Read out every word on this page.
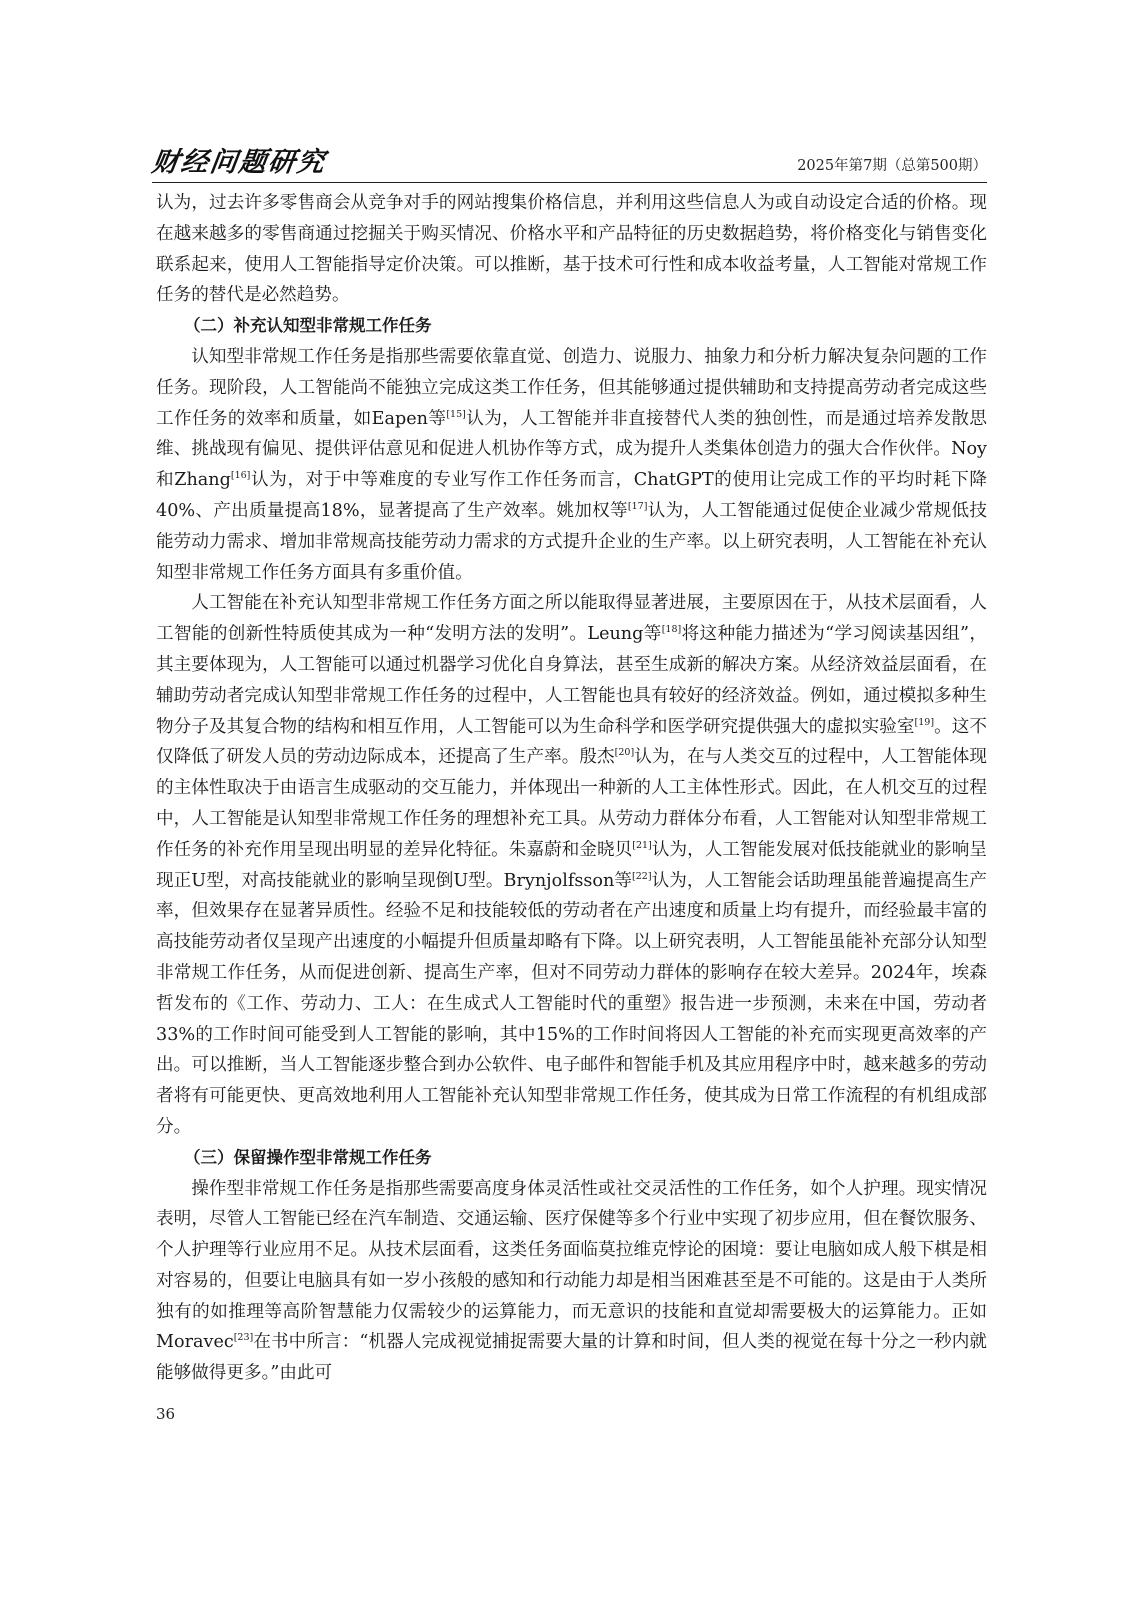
财经问题研究	2025年第7期（总第500期）

认为，过去许多零售商会从竞争对手的网站搜集价格信息，并利用这些信息人为或自动设定合适的价格。现在越来越多的零售商通过挖掘关于购买情况、价格水平和产品特征的历史数据趋势，将价格变化与销售变化联系起来，使用人工智能指导定价决策。可以推断，基于技术可行性和成本收益考量，人工智能对常规工作任务的替代是必然趋势。

（二）补充认知型非常规工作任务

认知型非常规工作任务是指那些需要依靠直觉、创造力、说服力、抽象力和分析力解决复杂问题的工作任务。现阶段，人工智能尚不能独立完成这类工作任务，但其能够通过提供辅助和支持提高劳动者完成这些工作任务的效率和质量，如Eapen等[15]认为，人工智能并非直接替代人类的独创性，而是通过培养发散思维、挑战现有偏见、提供评估意见和促进人机协作等方式，成为提升人类集体创造力的强大合作伙伴。Noy和Zhang[16]认为，对于中等难度的专业写作工作任务而言，ChatGPT的使用让完成工作的平均时耗下降40%、产出质量提高18%，显著提高了生产效率。姚加权等[17]认为，人工智能通过促使企业减少常规低技能劳动力需求、增加非常规高技能劳动力需求的方式提升企业的生产率。以上研究表明，人工智能在补充认知型非常规工作任务方面具有多重价值。

人工智能在补充认知型非常规工作任务方面之所以能取得显著进展，主要原因在于，从技术层面看，人工智能的创新性特质使其成为一种“发明方法的发明”。Leung等[18]将这种能力描述为“学习阅读基因组”，其主要体现为，人工智能可以通过机器学习优化自身算法，甚至生成新的解决方案。从经济效益层面看，在辅助劳动者完成认知型非常规工作任务的过程中，人工智能也具有较好的经济效益。例如，通过模拟多种生物分子及其复合物的结构和相互作用，人工智能可以为生命科学和医学研究提供强大的虚拟实验室[19]。这不仅降低了研发人员的劳动边际成本，还提高了生产率。殷杰[20]认为，在与人类交互的过程中，人工智能体现的主体性取决于由语言生成驱动的交互能力，并体现出一种新的人工主体性形式。因此，在人机交互的过程中，人工智能是认知型非常规工作任务的理想补充工具。从劳动力群体分布看，人工智能对认知型非常规工作任务的补充作用呈现出明显的差异化特征。朱嘉蔚和金晓贝[21]认为，人工智能发展对低技能就业的影响呈现正U型，对高技能就业的影响呈现倒U型。Brynjolfsson等[22]认为，人工智能会话助理虽能普遍提高生产率，但效果存在显著异质性。经验不足和技能较低的劳动者在产出速度和质量上均有提升，而经验最丰富的高技能劳动者仅呈现产出速度的小幅提升但质量却略有下降。以上研究表明，人工智能虽能补充部分认知型非常规工作任务，从而促进创新、提高生产率，但对不同劳动力群体的影响存在较大差异。2024年，埃森哲发布的《工作、劳动力、工人：在生成式人工智能时代的重塑》报告进一步预测，未来在中国，劳动者33%的工作时间可能受到人工智能的影响，其中15%的工作时间将因人工智能的补充而实现更高效率的产出。可以推断，当人工智能逐步整合到办公软件、电子邮件和智能手机及其应用程序中时，越来越多的劳动者将有可能更快、更高效地利用人工智能补充认知型非常规工作任务，使其成为日常工作流程的有机组成部分。

（三）保留操作型非常规工作任务

操作型非常规工作任务是指那些需要高度身体灵活性或社交灵活性的工作任务，如个人护理。现实情况表明，尽管人工智能已经在汽车制造、交通运输、医疗保健等多个行业中实现了初步应用，但在餐饮服务、个人护理等行业应用不足。从技术层面看，这类任务面临莫拉维克悖论的困境：要让电脑如成人般下棋是相对容易的，但要让电脑具有如一岁小孩般的感知和行动能力却是相当困难甚至是不可能的。这是由于人类所独有的如推理等高阶智慧能力仅需较少的运算能力，而无意识的技能和直觉却需要极大的运算能力。正如Moravec[23]在书中所言：“机器人完成视觉捕捉需要大量的计算和时间，但人类的视觉在每十分之一秒内就能够做得更多。”由此可

36
